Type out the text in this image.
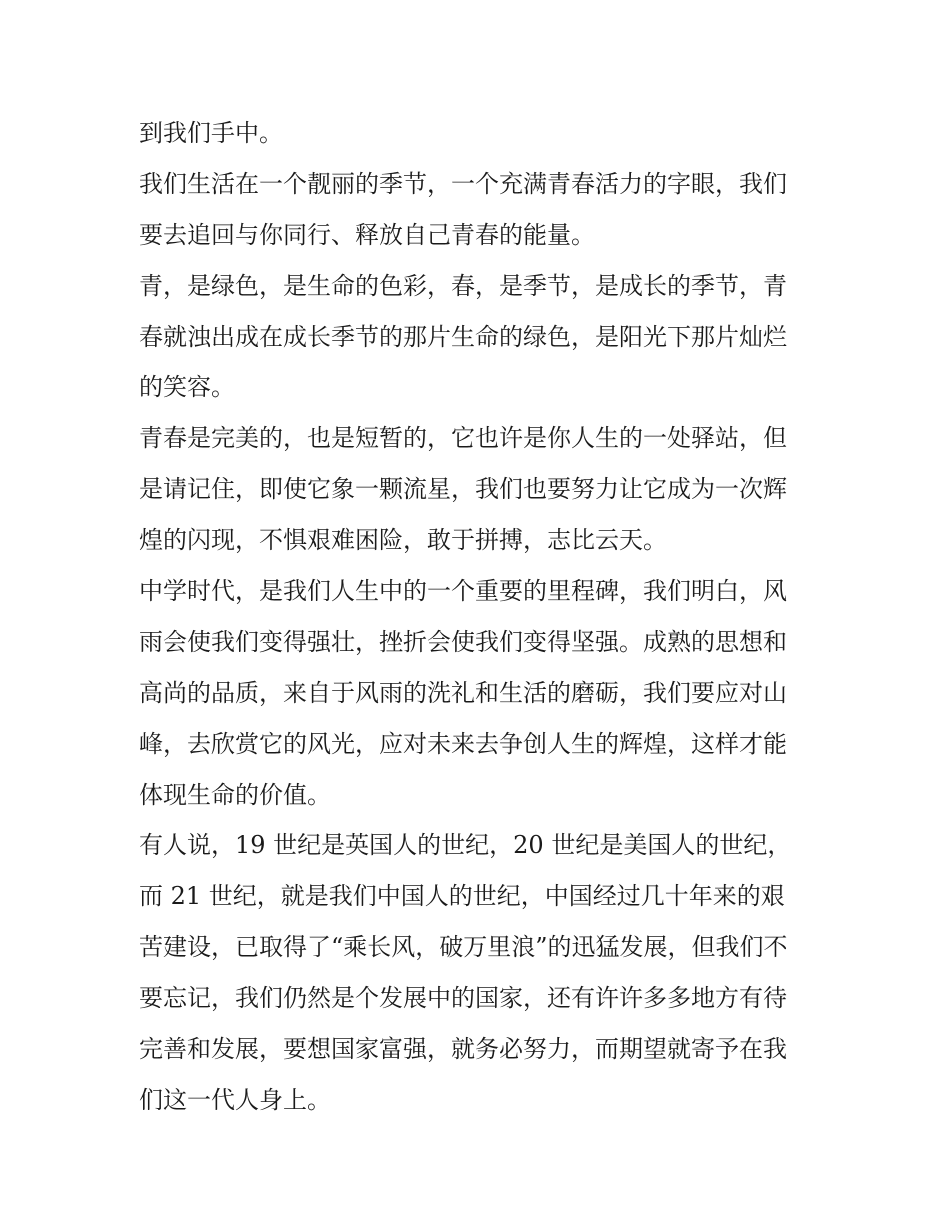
到我们手中。
我们生活在一个靓丽的季节，一个充满青春活力的字眼，我们
要去追回与你同行、释放自己青春的能量。
青，是绿色，是生命的色彩，春，是季节，是成长的季节，青
春就浊出成在成长季节的那片生命的绿色，是阳光下那片灿烂
的笑容。
青春是完美的，也是短暂的，它也许是你人生的一处驿站，但
是请记住，即使它象一颗流星，我们也要努力让它成为一次辉
煌的闪现，不惧艰难困险，敢于拼搏，志比云天。
中学时代，是我们人生中的一个重要的里程碑，我们明白，风
雨会使我们变得强壮，挫折会使我们变得坚强。成熟的思想和
高尚的品质，来自于风雨的洗礼和生活的磨砺，我们要应对山
峰，去欣赏它的风光，应对未来去争创人生的辉煌，这样才能
体现生命的价值。
有人说，19 世纪是英国人的世纪，20 世纪是美国人的世纪，
而 21 世纪，就是我们中国人的世纪，中国经过几十年来的艰
苦建设，已取得了“乘长风，破万里浪”的迅猛发展，但我们不
要忘记，我们仍然是个发展中的国家，还有许许多多地方有待
完善和发展，要想国家富强，就务必努力，而期望就寄予在我
们这一代人身上。
